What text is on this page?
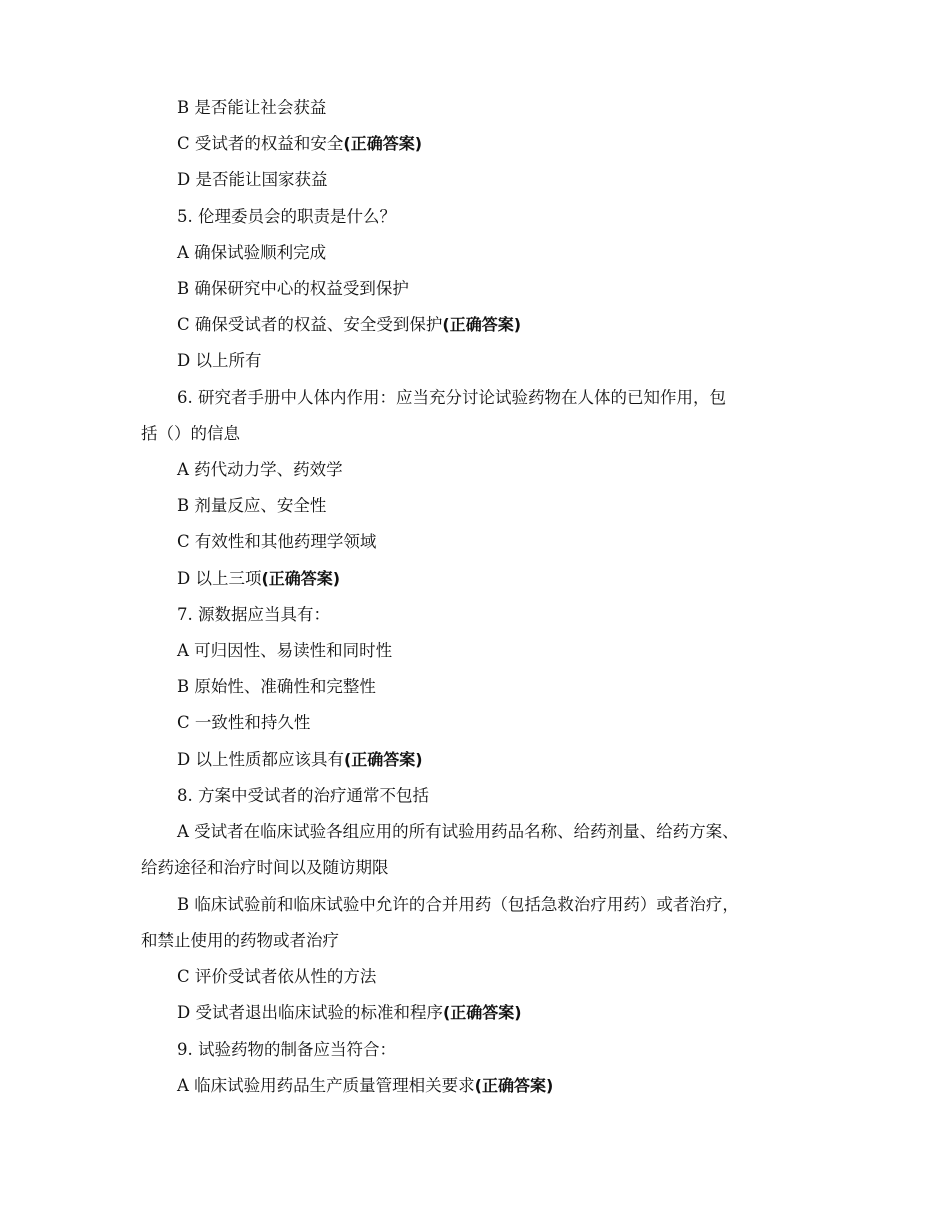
B 是否能让社会获益
C 受试者的权益和安全(正确答案)
D 是否能让国家获益
5. 伦理委员会的职责是什么？
A 确保试验顺利完成
B 确保研究中心的权益受到保护
C 确保受试者的权益、安全受到保护(正确答案)
D 以上所有
6. 研究者手册中人体内作用：应当充分讨论试验药物在人体的已知作用，包
括（）的信息
A 药代动力学、药效学
B 剂量反应、安全性
C 有效性和其他药理学领域
D 以上三项(正确答案)
7. 源数据应当具有：
A 可归因性、易读性和同时性
B 原始性、准确性和完整性
C 一致性和持久性
D 以上性质都应该具有(正确答案)
8. 方案中受试者的治疗通常不包括
A 受试者在临床试验各组应用的所有试验用药品名称、给药剂量、给药方案、
给药途径和治疗时间以及随访期限
B 临床试验前和临床试验中允许的合并用药（包括急救治疗用药）或者治疗，
和禁止使用的药物或者治疗
C 评价受试者依从性的方法
D 受试者退出临床试验的标准和程序(正确答案)
9. 试验药物的制备应当符合：
A 临床试验用药品生产质量管理相关要求(正确答案)
